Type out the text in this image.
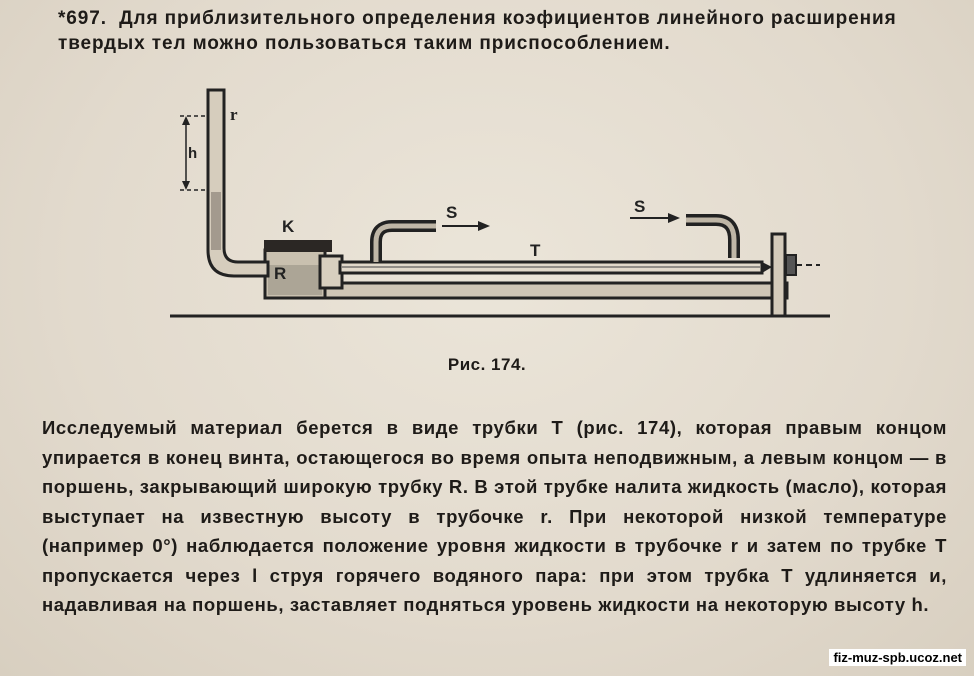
*697. Для приблизительного определения коэфициентов линейного расширения твердых тел можно пользоваться таким приспособлением.

r
h
K
R
S	S
T
Рис. 174.

Исследуемый материал берется в виде трубки T (рис. 174), которая правым концом упирается в конец винта, остающегося во время опыта неподвижным, а левым концом — в поршень, закрывающий широкую трубку R. В этой трубке налита жидкость (масло), которая выступает на известную высоту в трубочке r. При некоторой низкой температуре (например 0°) наблюдается положение уровня жидкости в трубочке r и затем по трубке T пропускается через l струя горячего водяного пара: при этом трубка T удлиняется и, надавливая на поршень, заставляет подняться уровень жидкости на некоторую высоту h.

fiz-muz-spb.ucoz.net
